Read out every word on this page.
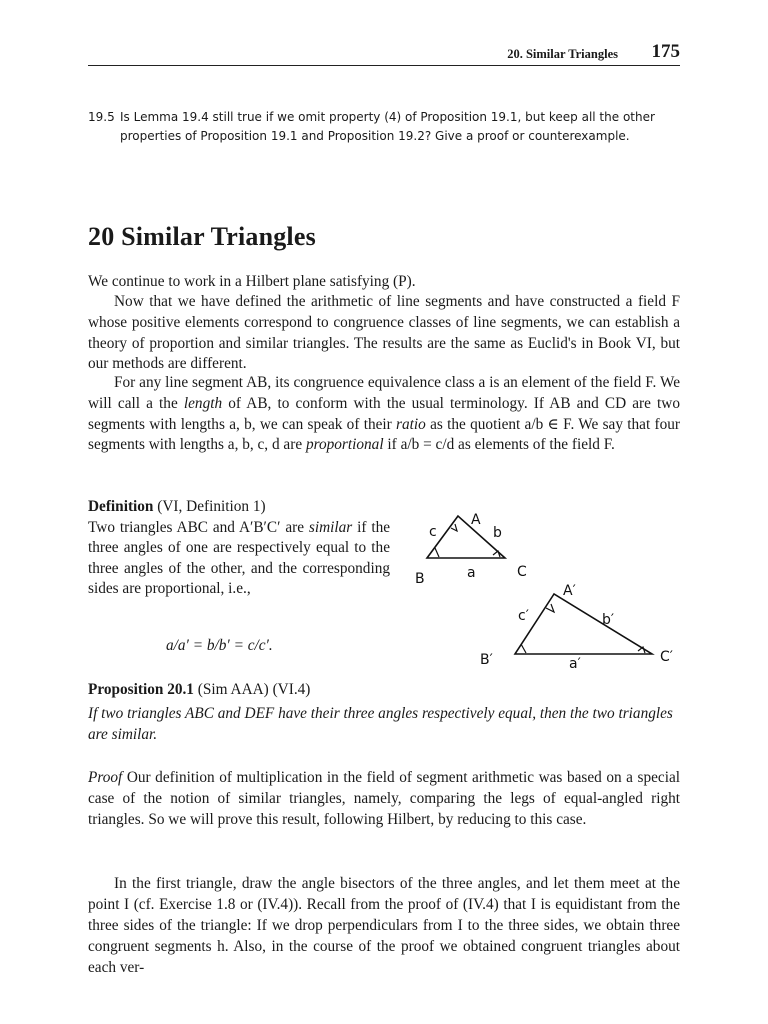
20. Similar Triangles 175
19.5 Is Lemma 19.4 still true if we omit property (4) of Proposition 19.1, but keep all the other properties of Proposition 19.1 and Proposition 19.2? Give a proof or counterexample.
20 Similar Triangles
We continue to work in a Hilbert plane satisfying (P).
Now that we have defined the arithmetic of line segments and have constructed a field F whose positive elements correspond to congruence classes of line segments, we can establish a theory of proportion and similar triangles. The results are the same as Euclid's in Book VI, but our methods are different.
For any line segment AB, its congruence equivalence class a is an element of the field F. We will call a the length of AB, to conform with the usual terminology. If AB and CD are two segments with lengths a, b, we can speak of their ratio as the quotient a/b ∈ F. We say that four segments with lengths a, b, c, d are proportional if a/b = c/d as elements of the field F.
Definition (VI, Definition 1)
Two triangles ABC and A′B′C′ are similar if the three angles of one are respectively equal to the three angles of the other, and the corresponding sides are proportional, i.e.,
a/a′ = b/b′ = c/c′.
A
c	b
B	a	C
A′
c′	b′
B′	a′	C′
Proposition 20.1 (Sim AAA) (VI.4)
If two triangles ABC and DEF have their three angles respectively equal, then the two triangles are similar.
Proof Our definition of multiplication in the field of segment arithmetic was based on a special case of the notion of similar triangles, namely, comparing the legs of equal-angled right triangles. So we will prove this result, following Hilbert, by reducing to this case.
In the first triangle, draw the angle bisectors of the three angles, and let them meet at the point I (cf. Exercise 1.8 or (IV.4)). Recall from the proof of (IV.4) that I is equidistant from the three sides of the triangle: If we drop perpendiculars from I to the three sides, we obtain three congruent segments h. Also, in the course of the proof we obtained congruent triangles about each ver-
